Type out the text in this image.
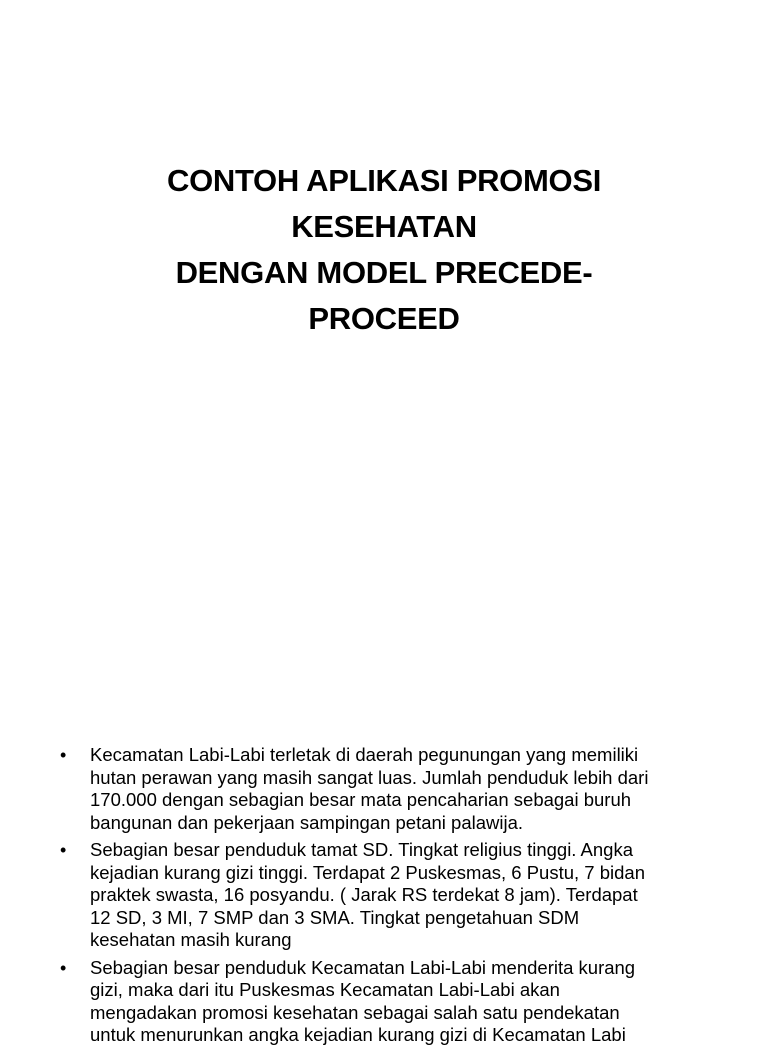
CONTOH APLIKASI PROMOSI
KESEHATAN
DENGAN MODEL PRECEDE-
PROCEED
• Kecamatan Labi-Labi terletak di daerah pegunungan yang memiliki
hutan perawan yang masih sangat luas. Jumlah penduduk lebih dari
170.000 dengan sebagian besar mata pencaharian sebagai buruh
bangunan dan pekerjaan sampingan petani palawija.
• Sebagian besar penduduk tamat SD. Tingkat religius tinggi. Angka
kejadian kurang gizi tinggi. Terdapat 2 Puskesmas, 6 Pustu, 7 bidan
praktek swasta, 16 posyandu. ( Jarak RS terdekat 8 jam). Terdapat
12 SD, 3 MI, 7 SMP dan 3 SMA. Tingkat pengetahuan SDM
kesehatan masih kurang
• Sebagian besar penduduk Kecamatan Labi-Labi menderita kurang
gizi, maka dari itu Puskesmas Kecamatan Labi-Labi akan
mengadakan promosi kesehatan sebagai salah satu pendekatan
untuk menurunkan angka kejadian kurang gizi di Kecamatan Labi
